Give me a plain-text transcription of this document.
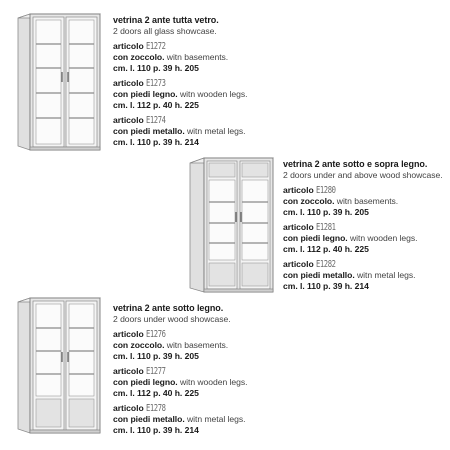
vetrina 2 ante tutta vetro.
2 doors all glass showcase.
articolo E1272
con zoccolo. witn basements.
cm. l. 110 p. 39 h. 205
articolo E1273
con piedi legno. witn wooden legs.
cm. l. 112 p. 40 h. 225
articolo E1274
con piedi metallo. witn metal legs.
cm. l. 110 p. 39 h. 214
vetrina 2 ante sotto e sopra legno.
2 doors under and above wood showcase.
articolo E1280
con zoccolo. witn basements.
cm. l. 110 p. 39 h. 205
articolo E1281
con piedi legno. witn wooden legs.
cm. l. 112 p. 40 h. 225
articolo E1282
con piedi metallo. witn metal legs.
cm. l. 110 p. 39 h. 214
vetrina 2 ante sotto legno.
2 doors under wood showcase.
articolo E1276
con zoccolo. witn basements.
cm. l. 110 p. 39 h. 205
articolo E1277
con piedi legno. witn wooden legs.
cm. l. 112 p. 40 h. 225
articolo E1278
con piedi metallo. witn metal legs.
cm. l. 110 p. 39 h. 214
